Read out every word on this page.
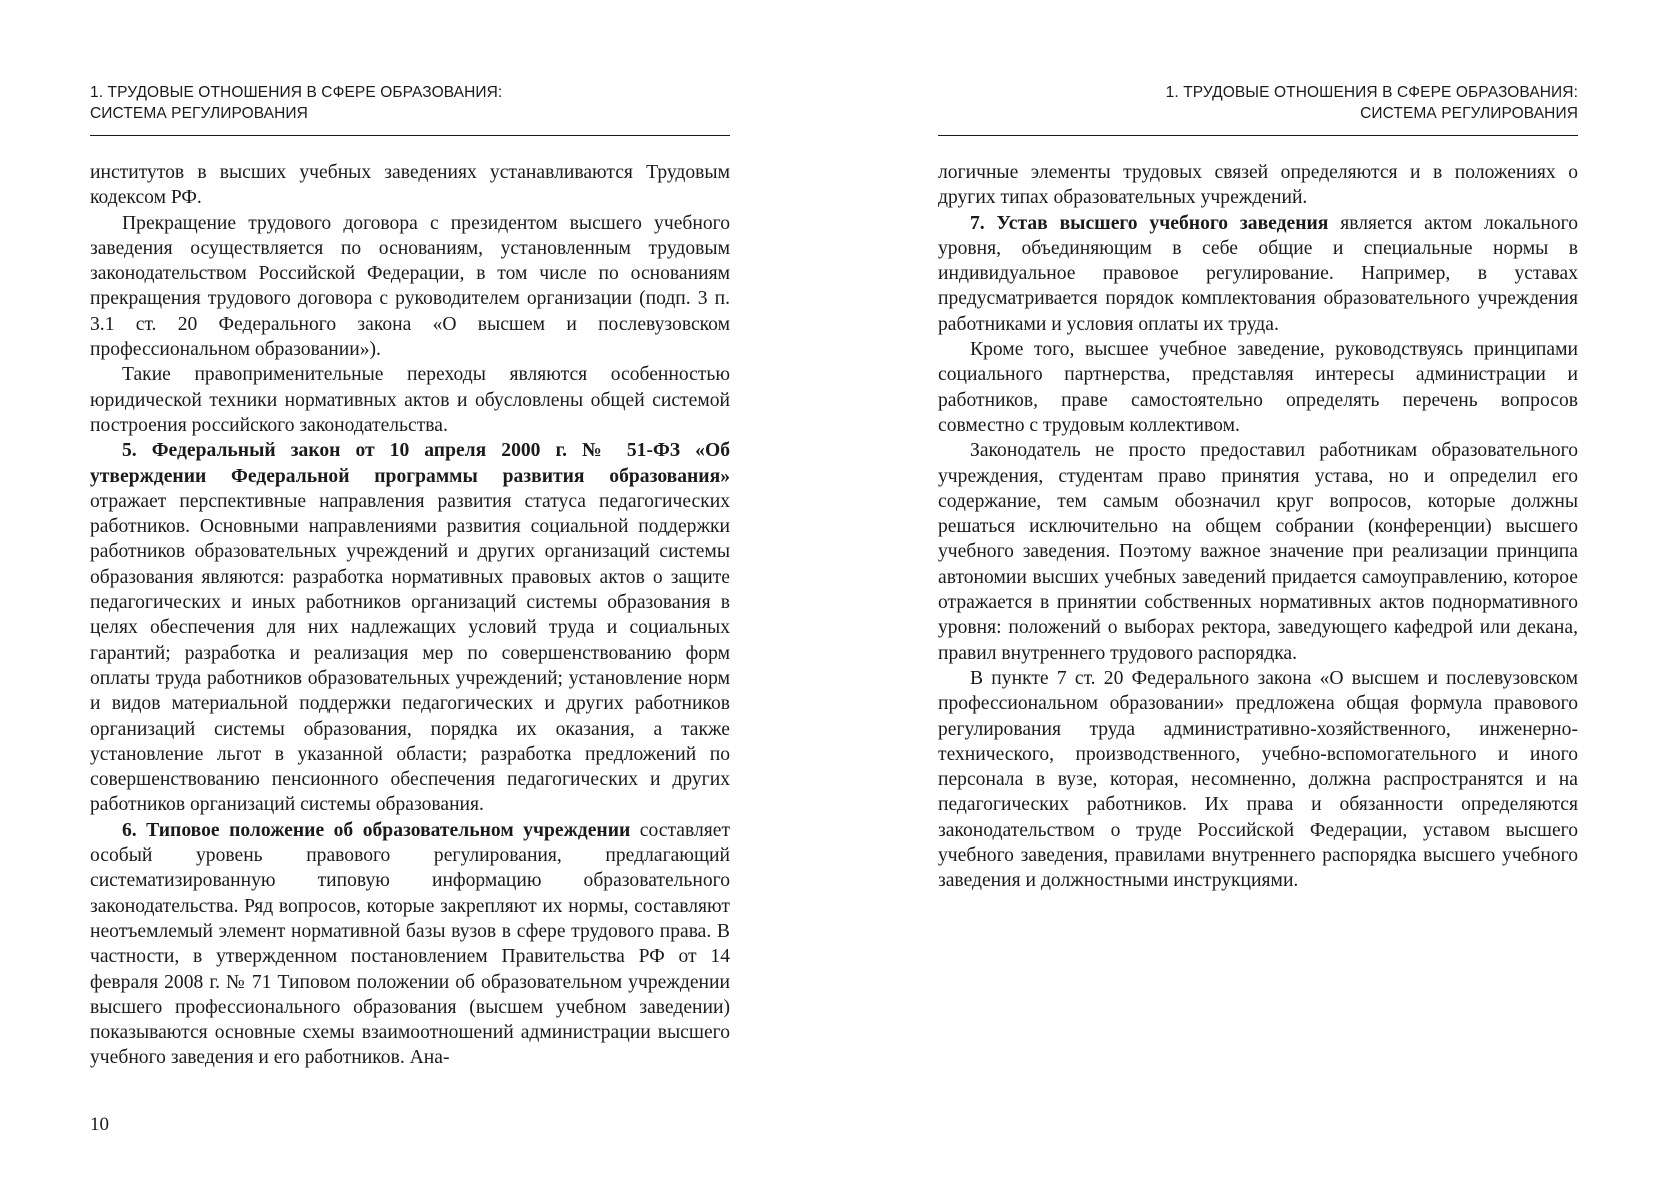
1. ТРУДОВЫЕ ОТНОШЕНИЯ В СФЕРЕ ОБРАЗОВАНИЯ:
СИСТЕМА РЕГУЛИРОВАНИЯ

институтов в высших учебных заведениях устанавливаются Трудовым кодексом РФ.

Прекращение трудового договора с президентом высшего учебного заведения осуществляется по основаниям, установленным трудовым законодательством Российской Федерации, в том числе по основаниям прекращения трудового договора с руководителем организации (подп. 3 п. 3.1 ст. 20 Федерального закона «О высшем и послевузовском профессиональном образовании»).

Такие правоприменительные переходы являются особенностью юридической техники нормативных актов и обусловлены общей системой построения российского законодательства.

5. Федеральный закон от 10 апреля 2000 г. № 51-ФЗ «Об утверждении Федеральной программы развития образования» отражает перспективные направления развития статуса педагогических работников. Основными направлениями развития социальной поддержки работников образовательных учреждений и других организаций системы образования являются: разработка нормативных правовых актов о защите педагогических и иных работников организаций системы образования в целях обеспечения для них надлежащих условий труда и социальных гарантий; разработка и реализация мер по совершенствованию форм оплаты труда работников образовательных учреждений; установление норм и видов материальной поддержки педагогических и других работников организаций системы образования, порядка их оказания, а также установление льгот в указанной области; разработка предложений по совершенствованию пенсионного обеспечения педагогических и других работников организаций системы образования.

6. Типовое положение об образовательном учреждении составляет особый уровень правового регулирования, предлагающий систематизированную типовую информацию образовательного законодательства. Ряд вопросов, которые закрепляют их нормы, составляют неотъемлемый элемент нормативной базы вузов в сфере трудового права. В частности, в утвержденном постановлением Правительства РФ от 14 февраля 2008 г. № 71 Типовом положении об образовательном учреждении высшего профессионального образования (высшем учебном заведении) показываются основные схемы взаимоотношений администрации высшего учебного заведения и его работников. Ана-

10
1. ТРУДОВЫЕ ОТНОШЕНИЯ В СФЕРЕ ОБРАЗОВАНИЯ:
СИСТЕМА РЕГУЛИРОВАНИЯ

логичные элементы трудовых связей определяются и в положениях о других типах образовательных учреждений.

7. Устав высшего учебного заведения является актом локального уровня, объединяющим в себе общие и специальные нормы в индивидуальное правовое регулирование. Например, в уставах предусматривается порядок комплектования образовательного учреждения работниками и условия оплаты их труда.

Кроме того, высшее учебное заведение, руководствуясь принципами социального партнерства, представляя интересы администрации и работников, праве самостоятельно определять перечень вопросов совместно с трудовым коллективом.

Законодатель не просто предоставил работникам образовательного учреждения, студентам право принятия устава, но и определил его содержание, тем самым обозначил круг вопросов, которые должны решаться исключительно на общем собрании (конференции) высшего учебного заведения. Поэтому важное значение при реализации принципа автономии высших учебных заведений придается самоуправлению, которое отражается в принятии собственных нормативных актов поднормативного уровня: положений о выборах ректора, заведующего кафедрой или декана, правил внутреннего трудового распорядка.

В пункте 7 ст. 20 Федерального закона «О высшем и послевузовском профессиональном образовании» предложена общая формула правового регулирования труда административно-хозяйственного, инженерно-технического, производственного, учебно-вспомогательного и иного персонала в вузе, которая, несомненно, должна распространятся и на педагогических работников. Их права и обязанности определяются законодательством о труде Российской Федерации, уставом высшего учебного заведения, правилами внутреннего распорядка высшего учебного заведения и должностными инструкциями.
